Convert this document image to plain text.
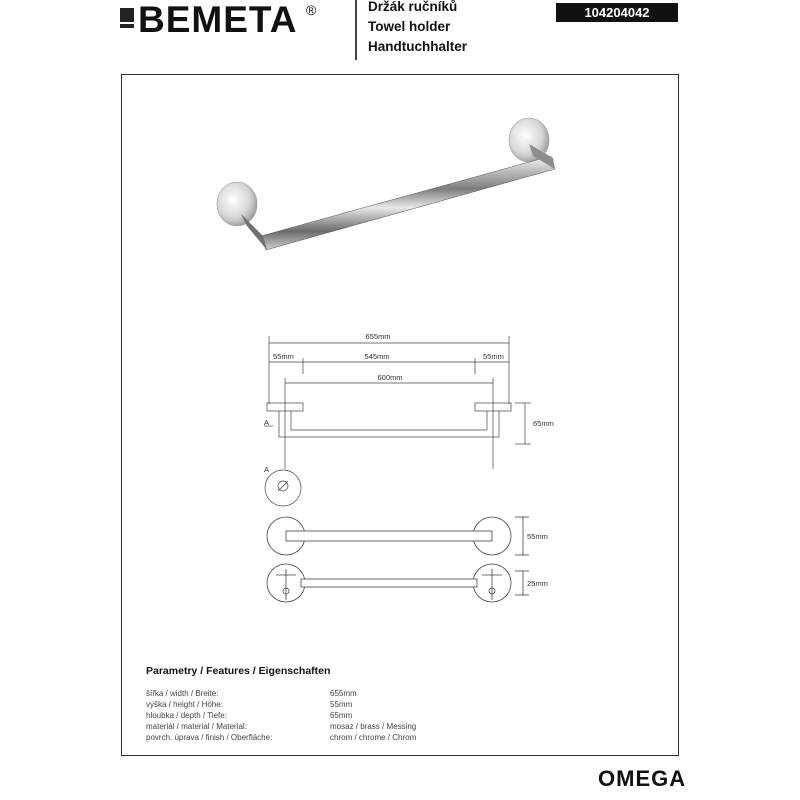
BEMETA ®	Držák ručníků
Towel holder
Handtuchhalter
104204042
655mm
55mm	545mm	55mm
600mm
65mm
A
A
55mm
25mm
Parametry / Features / Eigenschaften
šířka / width / Breite:	655mm
výška / height / Höhe:	55mm
hloubka / depth / Tiefe:	65mm
materiál / material / Material:	mosaz / brass / Messing
povrch. úprava / finish / Oberfläche:	chrom / chrome / Chrom
OMEGA
